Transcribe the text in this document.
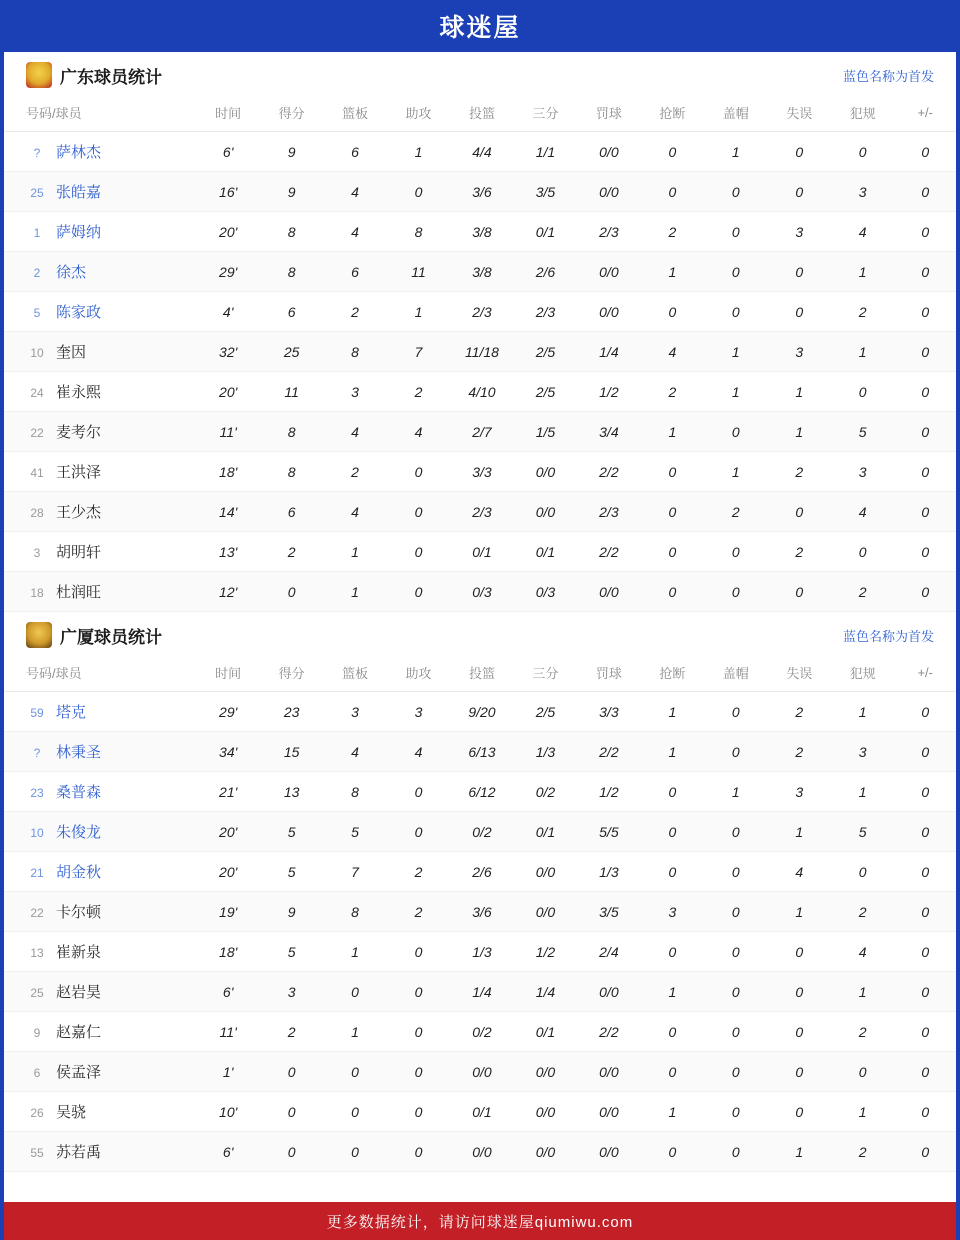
球迷屋
广东球员统计	蓝色名称为首发
号码/球员	时间	得分	篮板	助攻	投篮	三分	罚球	抢断	盖帽	失误	犯规	+/-
? 萨林杰	6'	9	6	1	4/4	1/1	0/0	0	1	0	0	0
25 张皓嘉	16'	9	4	0	3/6	3/5	0/0	0	0	0	3	0
1 萨姆纳	20'	8	4	8	3/8	0/1	2/3	2	0	3	4	0
2 徐杰	29'	8	6	11	3/8	2/6	0/0	1	0	0	1	0
5 陈家政	4'	6	2	1	2/3	2/3	0/0	0	0	0	2	0
10 奎因	32'	25	8	7	11/18	2/5	1/4	4	1	3	1	0
24 崔永熙	20'	11	3	2	4/10	2/5	1/2	2	1	1	0	0
22 麦考尔	11'	8	4	4	2/7	1/5	3/4	1	0	1	5	0
41 王洪泽	18'	8	2	0	3/3	0/0	2/2	0	1	2	3	0
28 王少杰	14'	6	4	0	2/3	0/0	2/3	0	2	0	4	0
3 胡明轩	13'	2	1	0	0/1	0/1	2/2	0	0	2	0	0
18 杜润旺	12'	0	1	0	0/3	0/3	0/0	0	0	0	2	0
广厦球员统计	蓝色名称为首发
号码/球员	时间	得分	篮板	助攻	投篮	三分	罚球	抢断	盖帽	失误	犯规	+/-
59 塔克	29'	23	3	3	9/20	2/5	3/3	1	0	2	1	0
? 林秉圣	34'	15	4	4	6/13	1/3	2/2	1	0	2	3	0
23 桑普森	21'	13	8	0	6/12	0/2	1/2	0	1	3	1	0
10 朱俊龙	20'	5	5	0	0/2	0/1	5/5	0	0	1	5	0
21 胡金秋	20'	5	7	2	2/6	0/0	1/3	0	0	4	0	0
22 卡尔顿	19'	9	8	2	3/6	0/0	3/5	3	0	1	2	0
13 崔新泉	18'	5	1	0	1/3	1/2	2/4	0	0	0	4	0
25 赵岩昊	6'	3	0	0	1/4	1/4	0/0	1	0	0	1	0
9 赵嘉仁	11'	2	1	0	0/2	0/1	2/2	0	0	0	2	0
6 侯孟泽	1'	0	0	0	0/0	0/0	0/0	0	0	0	0	0
26 吴骁	10'	0	0	0	0/1	0/0	0/0	1	0	0	1	0
55 苏若禹	6'	0	0	0	0/0	0/0	0/0	0	0	1	2	0
更多数据统计，请访问球迷屋qiumiwu.com
